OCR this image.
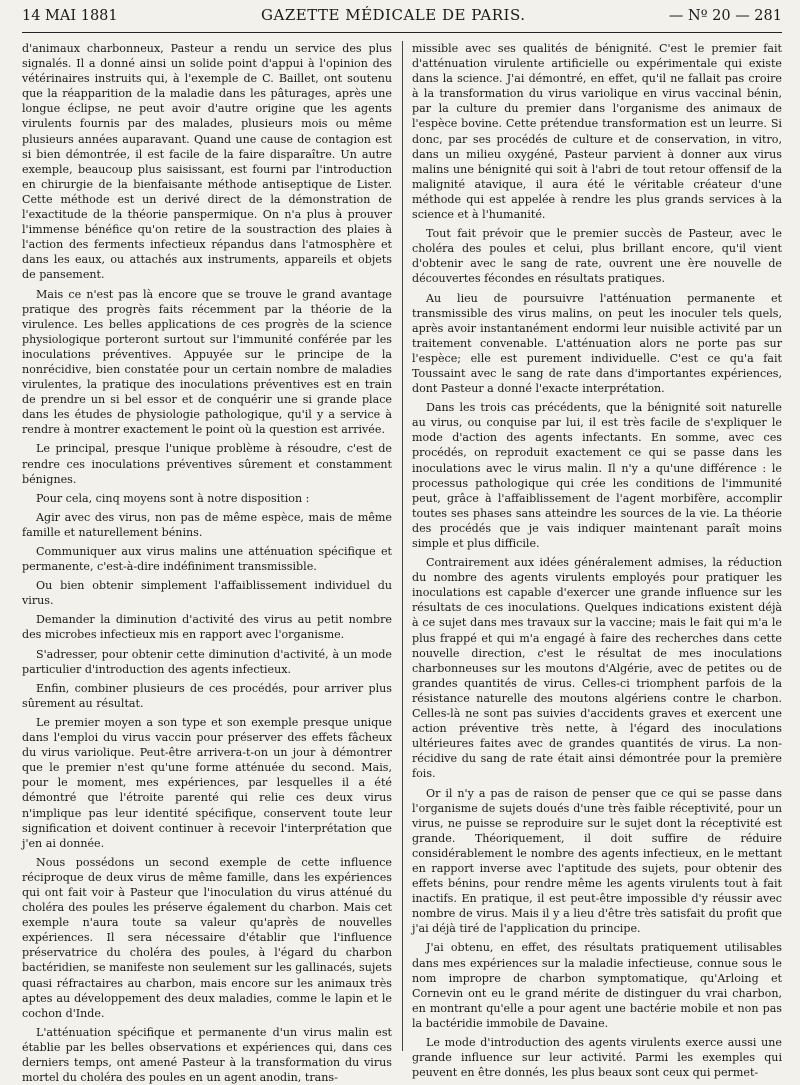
14 MAI 1881	GAZETTE MÉDICALE DE PARIS.	— Nº 20 — 281

d'animaux charbonneux, Pasteur a rendu un service des plus signalés. Il a donné ainsi un solide point d'appui à l'opinion des vétérinaires instruits qui, à l'exemple de C. Baillet, ont soutenu que la réapparition de la maladie dans les pâturages, après une longue éclipse, ne peut avoir d'autre origine que les agents virulents fournis par des malades, plusieurs mois ou même plusieurs années auparavant. Quand une cause de contagion est si bien démontrée, il est facile de la faire disparaître. Un autre exemple, beaucoup plus saisissant, est fourni par l'introduction en chirurgie de la bienfaisante méthode antiseptique de Lister. Cette méthode est un derivé direct de la démonstration de l'exactitude de la théorie panspermique. On n'a plus à prouver l'immense bénéfice qu'on retire de la soustraction des plaies à l'action des ferments infectieux répandus dans l'atmosphère et dans les eaux, ou attachés aux instruments, appareils et objets de pansement.

Mais ce n'est pas là encore que se trouve le grand avantage pratique des progrès faits récemment par la théorie de la virulence. Les belles applications de ces progrès de la science physiologique porteront surtout sur l'immunité conférée par les inoculations préventives. Appuyée sur le principe de la nonrécidive, bien constatée pour un certain nombre de maladies virulentes, la pratique des inoculations préventives est en train de prendre un si bel essor et de conquérir une si grande place dans les études de physiologie pathologique, qu'il y a service à rendre à montrer exactement le point où la question est arrivée.

Le principal, presque l'unique problème à résoudre, c'est de rendre ces inoculations préventives sûrement et constamment bénignes.

Pour cela, cinq moyens sont à notre disposition :

Agir avec des virus, non pas de même espèce, mais de même famille et naturellement bénins.

Communiquer aux virus malins une atténuation spécifique et permanente, c'est-à-dire indéfiniment transmissible.

Ou bien obtenir simplement l'affaiblissement individuel du virus.

Demander la diminution d'activité des virus au petit nombre des microbes infectieux mis en rapport avec l'organisme.

S'adresser, pour obtenir cette diminution d'activité, à un mode particulier d'introduction des agents infectieux.

Enfin, combiner plusieurs de ces procédés, pour arriver plus sûrement au résultat.

Le premier moyen a son type et son exemple presque unique dans l'emploi du virus vaccin pour préserver des effets fâcheux du virus variolique. Peut-être arrivera-t-on un jour à démontrer que le premier n'est qu'une forme atténuée du second. Mais, pour le moment, mes expériences, par lesquelles il a été démontré que l'étroite parenté qui relie ces deux virus n'implique pas leur identité spécifique, conservent toute leur signification et doivent continuer à recevoir l'interprétation que j'en ai donnée.

Nous possédons un second exemple de cette influence réciproque de deux virus de même famille, dans les expériences qui ont fait voir à Pasteur que l'inoculation du virus atténué du choléra des poules les préserve également du charbon. Mais cet exemple n'aura toute sa valeur qu'après de nouvelles expériences. Il sera nécessaire d'établir que l'influence préservatrice du choléra des poules, à l'égard du charbon bactéridien, se manifeste non seulement sur les gallinacés, sujets quasi réfractaires au charbon, mais encore sur les animaux très aptes au développement des deux maladies, comme le lapin et le cochon d'Inde.

L'atténuation spécifique et permanente d'un virus malin est établie par les belles observations et expériences qui, dans ces derniers temps, ont amené Pasteur à la transformation du virus mortel du choléra des poules en un agent anodin, trans-

missible avec ses qualités de bénignité. C'est le premier fait d'atténuation virulente artificielle ou expérimentale qui existe dans la science. J'ai démontré, en effet, qu'il ne fallait pas croire à la transformation du virus variolique en virus vaccinal bénin, par la culture du premier dans l'organisme des animaux de l'espèce bovine. Cette prétendue transformation est un leurre. Si donc, par ses procédés de culture et de conservation, in vitro, dans un milieu oxygéné, Pasteur parvient à donner aux virus malins une bénignité qui soit à l'abri de tout retour offensif de la malignité atavique, il aura été le véritable créateur d'une méthode qui est appelée à rendre les plus grands services à la science et à l'humanité.

Tout fait prévoir que le premier succès de Pasteur, avec le choléra des poules et celui, plus brillant encore, qu'il vient d'obtenir avec le sang de rate, ouvrent une ère nouvelle de découvertes fécondes en résultats pratiques.

Au lieu de poursuivre l'atténuation permanente et transmissible des virus malins, on peut les inoculer tels quels, après avoir instantanément endormi leur nuisible activité par un traitement convenable. L'atténuation alors ne porte pas sur l'espèce; elle est purement individuelle. C'est ce qu'a fait Toussaint avec le sang de rate dans d'importantes expériences, dont Pasteur a donné l'exacte interprétation.

Dans les trois cas précédents, que la bénignité soit naturelle au virus, ou conquise par lui, il est très facile de s'expliquer le mode d'action des agents infectants. En somme, avec ces procédés, on reproduit exactement ce qui se passe dans les inoculations avec le virus malin. Il n'y a qu'une différence : le processus pathologique qui crée les conditions de l'immunité peut, grâce à l'affaiblissement de l'agent morbifère, accomplir toutes ses phases sans atteindre les sources de la vie. La théorie des procédés que je vais indiquer maintenant paraît moins simple et plus difficile.

Contrairement aux idées généralement admises, la réduction du nombre des agents virulents employés pour pratiquer les inoculations est capable d'exercer une grande influence sur les résultats de ces inoculations. Quelques indications existent déjà à ce sujet dans mes travaux sur la vaccine; mais le fait qui m'a le plus frappé et qui m'a engagé à faire des recherches dans cette nouvelle direction, c'est le résultat de mes inoculations charbonneuses sur les moutons d'Algérie, avec de petites ou de grandes quantités de virus. Celles-ci triomphent parfois de la résistance naturelle des moutons algériens contre le charbon. Celles-là ne sont pas suivies d'accidents graves et exercent une action préventive très nette, à l'égard des inoculations ultérieures faites avec de grandes quantités de virus. La non-récidive du sang de rate était ainsi démontrée pour la première fois.

Or il n'y a pas de raison de penser que ce qui se passe dans l'organisme de sujets doués d'une très faible réceptivité, pour un virus, ne puisse se reproduire sur le sujet dont la réceptivité est grande. Théoriquement, il doit suffire de réduire considérablement le nombre des agents infectieux, en le mettant en rapport inverse avec l'aptitude des sujets, pour obtenir des effets bénins, pour rendre même les agents virulents tout à fait inactifs. En pratique, il est peut-être impossible d'y réussir avec nombre de virus. Mais il y a lieu d'être très satisfait du profit que j'ai déjà tiré de l'application du principe.

J'ai obtenu, en effet, des résultats pratiquement utilisables dans mes expériences sur la maladie infectieuse, connue sous le nom impropre de charbon symptomatique, qu'Arloing et Cornevin ont eu le grand mérite de distinguer du vrai charbon, en montrant qu'elle a pour agent une bactérie mobile et non pas la bactéridie immobile de Davaine.

Le mode d'introduction des agents virulents exerce aussi une grande influence sur leur activité. Parmi les exemples qui peuvent en être donnés, les plus beaux sont ceux qui permet-
